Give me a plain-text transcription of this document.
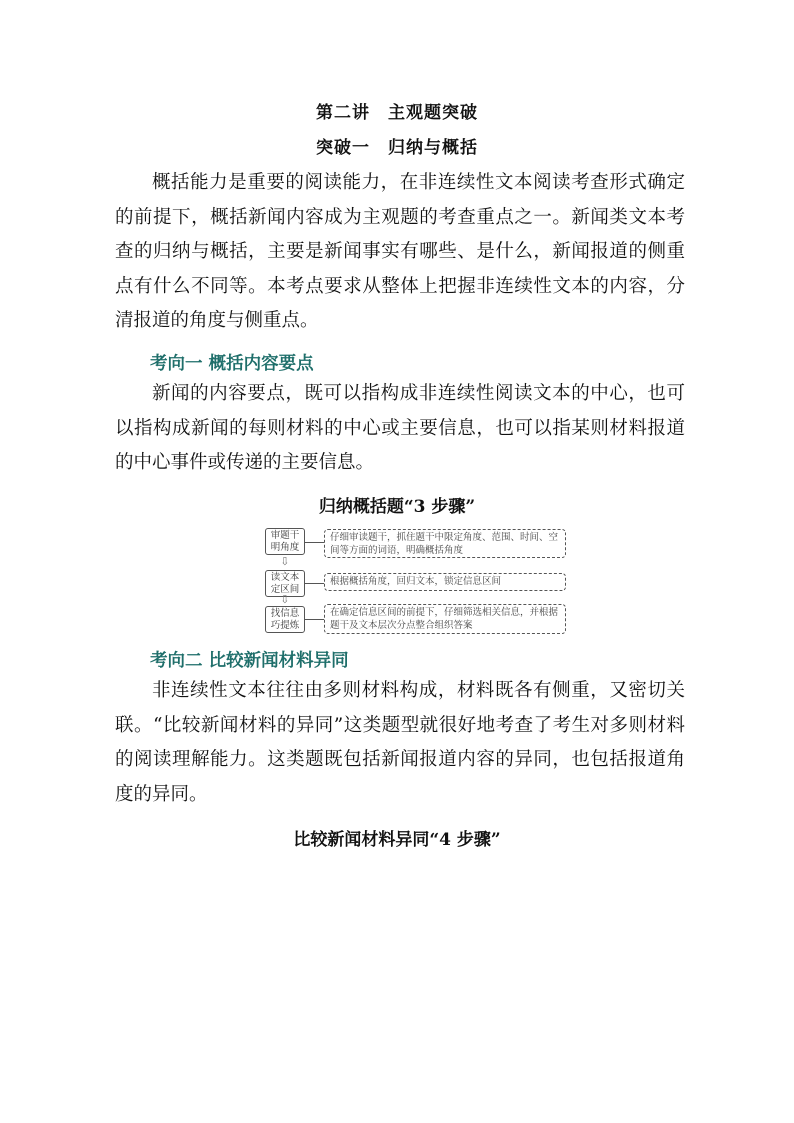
第二讲　主观题突破
突破一　归纳与概括

概括能力是重要的阅读能力，在非连续性文本阅读考查形式确定的前提下，概括新闻内容成为主观题的考查重点之一。新闻类文本考查的归纳与概括，主要是新闻事实有哪些、是什么，新闻报道的侧重点有什么不同等。本考点要求从整体上把握非连续性文本的内容，分清报道的角度与侧重点。

考向一 概括内容要点

新闻的内容要点，既可以指构成非连续性阅读文本的中心，也可以指构成新闻的每则材料的中心或主要信息，也可以指某则材料报道的中心事件或传递的主要信息。

归纳概括题“3 步骤”
审题干明角度
仔细审读题干，抓住题干中限定角度、范围、时间、空间等方面的词语，明确概括角度
⇩
读文本定区间
根据概括角度，回归文本，锁定信息区间
⇩
找信息巧提炼
在确定信息区间的前提下，仔细筛选相关信息，并根据题干及文本层次分点整合组织答案
考向二 比较新闻材料异同

非连续性文本往往由多则材料构成，材料既各有侧重，又密切关联。“比较新闻材料的异同”这类题型就很好地考查了考生对多则材料的阅读理解能力。这类题既包括新闻报道内容的异同，也包括报道角度的异同。

比较新闻材料异同“4 步骤”
